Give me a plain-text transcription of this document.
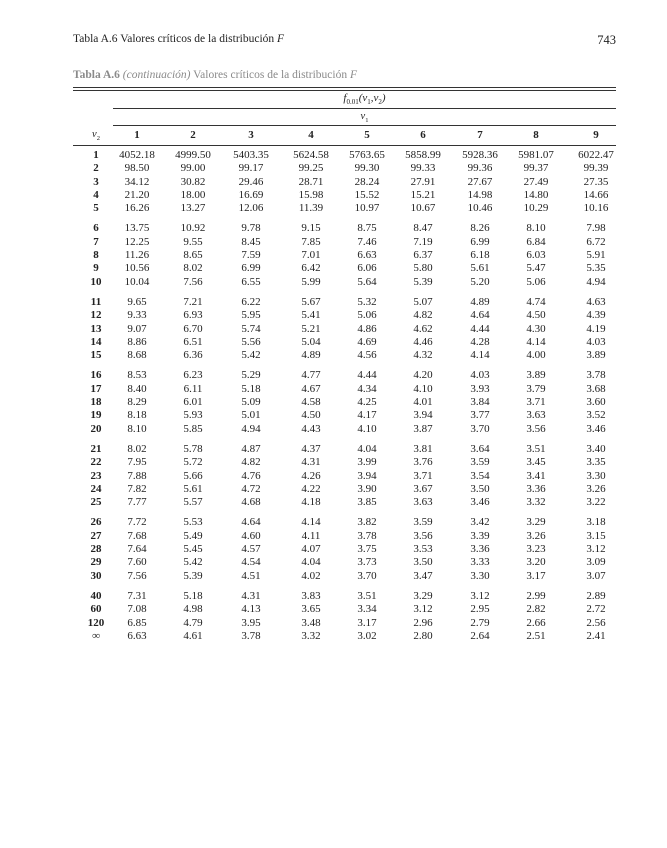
Tabla A.6 Valores críticos de la distribución F	743
Tabla A.6 (continuación) Valores críticos de la distribución F
$f_{0.01}(v_1,v_2)$
$v_1$
$v_2$	1	2	3	4	5	6	7	8	9
1	4052.18	4999.50	5403.35	5624.58	5763.65	5858.99	5928.36	5981.07	6022.47
2	98.50	99.00	99.17	99.25	99.30	99.33	99.36	99.37	99.39
3	34.12	30.82	29.46	28.71	28.24	27.91	27.67	27.49	27.35
4	21.20	18.00	16.69	15.98	15.52	15.21	14.98	14.80	14.66
5	16.26	13.27	12.06	11.39	10.97	10.67	10.46	10.29	10.16
6	13.75	10.92	9.78	9.15	8.75	8.47	8.26	8.10	7.98
7	12.25	9.55	8.45	7.85	7.46	7.19	6.99	6.84	6.72
8	11.26	8.65	7.59	7.01	6.63	6.37	6.18	6.03	5.91
9	10.56	8.02	6.99	6.42	6.06	5.80	5.61	5.47	5.35
10	10.04	7.56	6.55	5.99	5.64	5.39	5.20	5.06	4.94
11	9.65	7.21	6.22	5.67	5.32	5.07	4.89	4.74	4.63
12	9.33	6.93	5.95	5.41	5.06	4.82	4.64	4.50	4.39
13	9.07	6.70	5.74	5.21	4.86	4.62	4.44	4.30	4.19
14	8.86	6.51	5.56	5.04	4.69	4.46	4.28	4.14	4.03
15	8.68	6.36	5.42	4.89	4.56	4.32	4.14	4.00	3.89
16	8.53	6.23	5.29	4.77	4.44	4.20	4.03	3.89	3.78
17	8.40	6.11	5.18	4.67	4.34	4.10	3.93	3.79	3.68
18	8.29	6.01	5.09	4.58	4.25	4.01	3.84	3.71	3.60
19	8.18	5.93	5.01	4.50	4.17	3.94	3.77	3.63	3.52
20	8.10	5.85	4.94	4.43	4.10	3.87	3.70	3.56	3.46
21	8.02	5.78	4.87	4.37	4.04	3.81	3.64	3.51	3.40
22	7.95	5.72	4.82	4.31	3.99	3.76	3.59	3.45	3.35
23	7.88	5.66	4.76	4.26	3.94	3.71	3.54	3.41	3.30
24	7.82	5.61	4.72	4.22	3.90	3.67	3.50	3.36	3.26
25	7.77	5.57	4.68	4.18	3.85	3.63	3.46	3.32	3.22
26	7.72	5.53	4.64	4.14	3.82	3.59	3.42	3.29	3.18
27	7.68	5.49	4.60	4.11	3.78	3.56	3.39	3.26	3.15
28	7.64	5.45	4.57	4.07	3.75	3.53	3.36	3.23	3.12
29	7.60	5.42	4.54	4.04	3.73	3.50	3.33	3.20	3.09
30	7.56	5.39	4.51	4.02	3.70	3.47	3.30	3.17	3.07
40	7.31	5.18	4.31	3.83	3.51	3.29	3.12	2.99	2.89
60	7.08	4.98	4.13	3.65	3.34	3.12	2.95	2.82	2.72
120	6.85	4.79	3.95	3.48	3.17	2.96	2.79	2.66	2.56
∞	6.63	4.61	3.78	3.32	3.02	2.80	2.64	2.51	2.41
